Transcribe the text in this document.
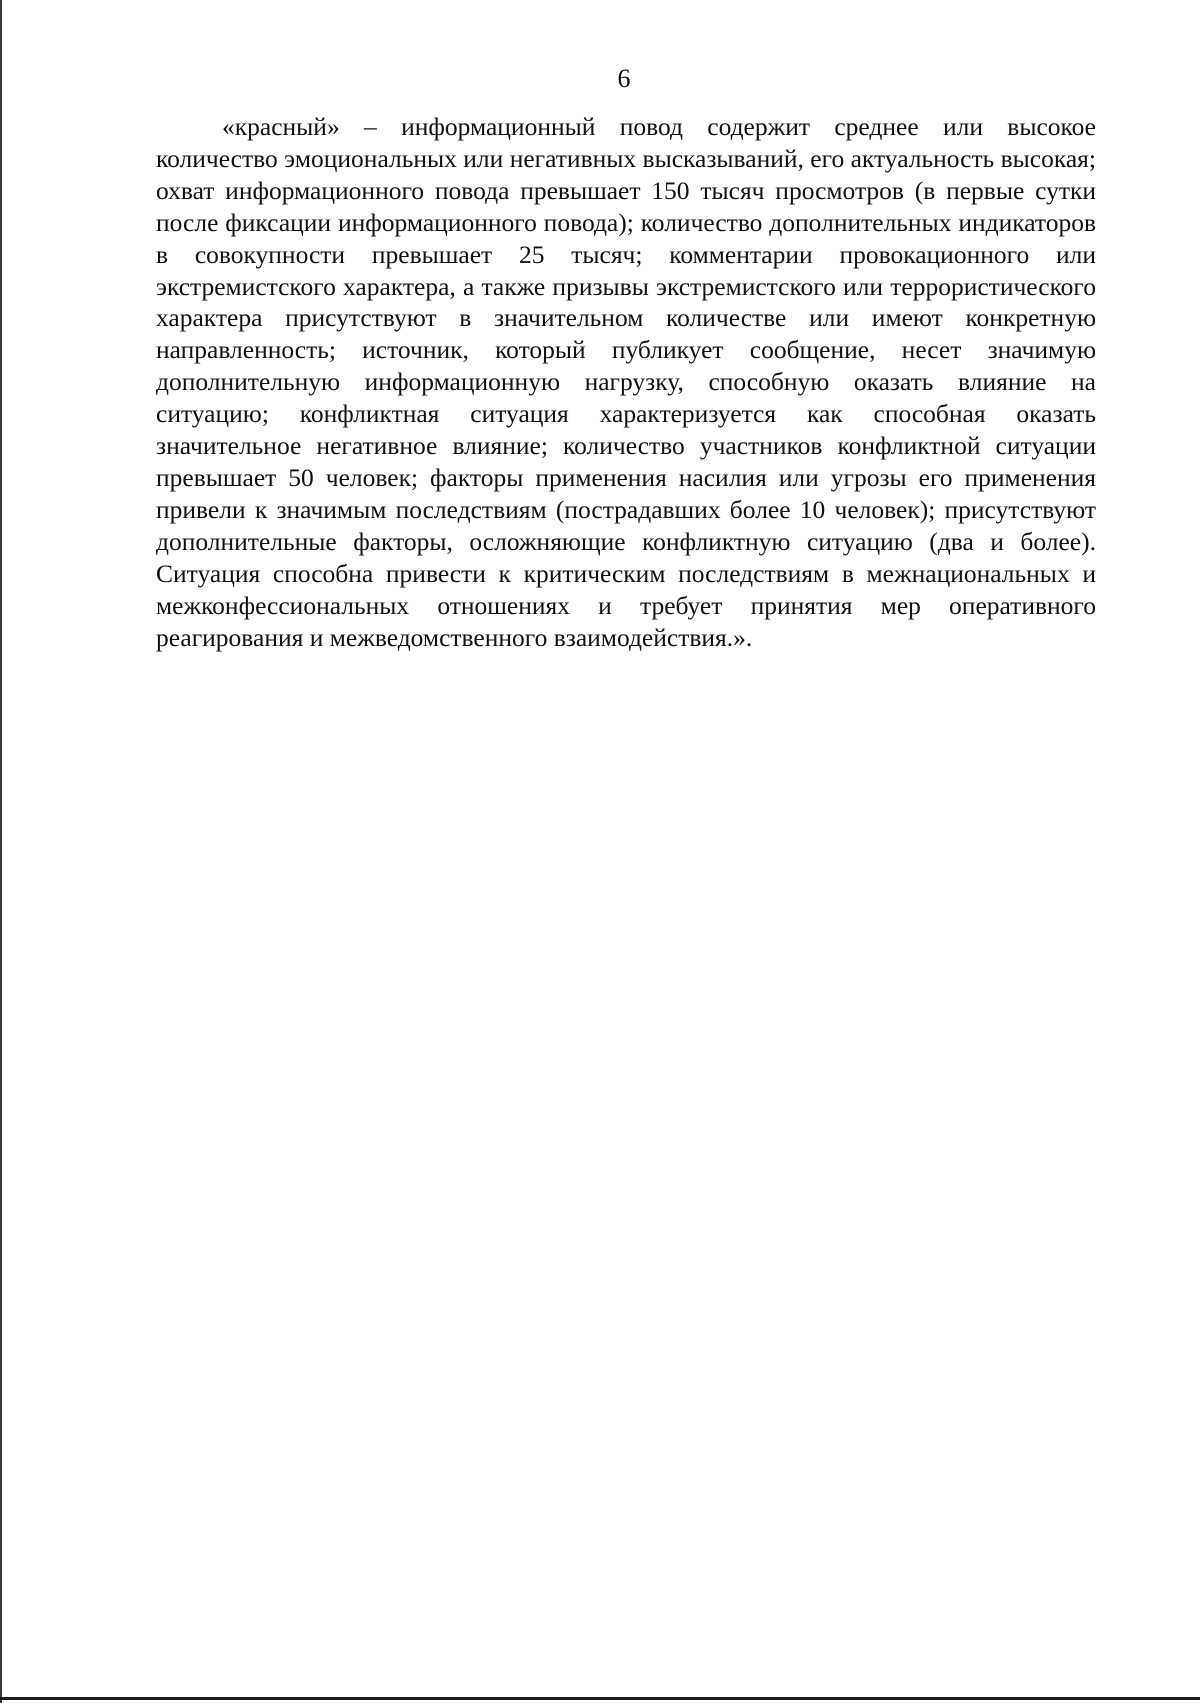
6

«красный» – информационный повод содержит среднее или высокое количество эмоциональных или негативных высказываний, его актуальность высокая; охват информационного повода превышает 150 тысяч просмотров (в первые сутки после фиксации информационного повода); количество дополнительных индикаторов в совокупности превышает 25 тысяч; комментарии провокационного или экстремистского характера, а также призывы экстремистского или террористического характера присутствуют в значительном количестве или имеют конкретную направленность; источник, который публикует сообщение, несет значимую дополнительную информационную нагрузку, способную оказать влияние на ситуацию; конфликтная ситуация характеризуется как способная оказать значительное негативное влияние; количество участников конфликтной ситуации превышает 50 человек; факторы применения насилия или угрозы его применения привели к значимым последствиям (пострадавших более 10 человек); присутствуют дополнительные факторы, осложняющие конфликтную ситуацию (два и более). Ситуация способна привести к критическим последствиям в межнациональных и межконфессиональных отношениях и требует принятия мер оперативного реагирования и межведомственного взаимодействия.».
